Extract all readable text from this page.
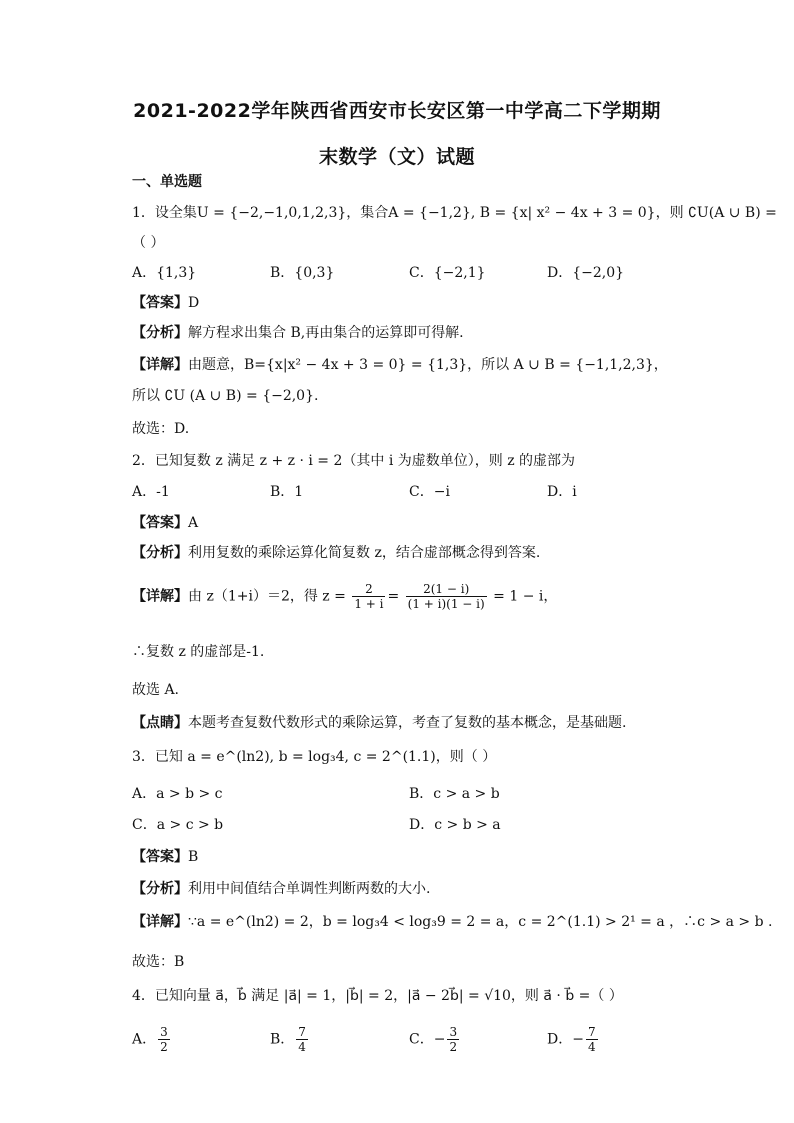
2021-2022学年陕西省西安市长安区第一中学高二下学期期
末数学（文）试题
一、单选题
1．设全集U = {−2,−1,0,1,2,3}，集合A = {−1,2}, B = {x| x² − 4x + 3 = 0}，则 ∁U(A ∪ B) =
（ ）
A．{1,3}	B．{0,3}	C．{−2,1}	D．{−2,0}
【答案】D
【分析】解方程求出集合 B,再由集合的运算即可得解.
【详解】由题意，B={x|x² − 4x + 3 = 0} = {1,3}，所以 A ∪ B = {−1,1,2,3}，
所以 ∁U (A ∪ B) = {−2,0}.
故选：D.
2．已知复数 z 满足 z + z · i = 2（其中 i 为虚数单位），则 z 的虚部为
A．-1	B．1	C．−i	D．i
【答案】A
【分析】利用复数的乘除运算化简复数 z，结合虚部概念得到答案.
【详解】由 z（1+i）＝2，得 $z = \frac{2}{1 + i} = \frac{2(1 - i)}{(1 + i)(1 - i)} = 1 - i$，
∴复数 z 的虚部是-1.
故选 A.
【点睛】本题考查复数代数形式的乘除运算，考查了复数的基本概念，是基础题.
3．已知 a = e^(ln2), b = log₃4, c = 2^(1.1)，则（ ）
A．a > b > c	B．c > a > b
C．a > c > b	D．c > b > a
【答案】B
【分析】利用中间值结合单调性判断两数的大小.
【详解】∵a = e^(ln2) = 2，b = log₃4 < log₃9 = 2 = a，c = 2^(1.1) > 2¹ = a ，∴c > a > b .
故选：B
4．已知向量 a⃗，b⃗ 满足 |a⃗| = 1，|b⃗| = 2，|a⃗ − 2b⃗| = √10，则 a⃗ · b⃗ =（ ）
A． $\frac{3}{2}$	B． $\frac{7}{4}$	C．− $\frac{3}{2}$	D．− $\frac{7}{4}$
